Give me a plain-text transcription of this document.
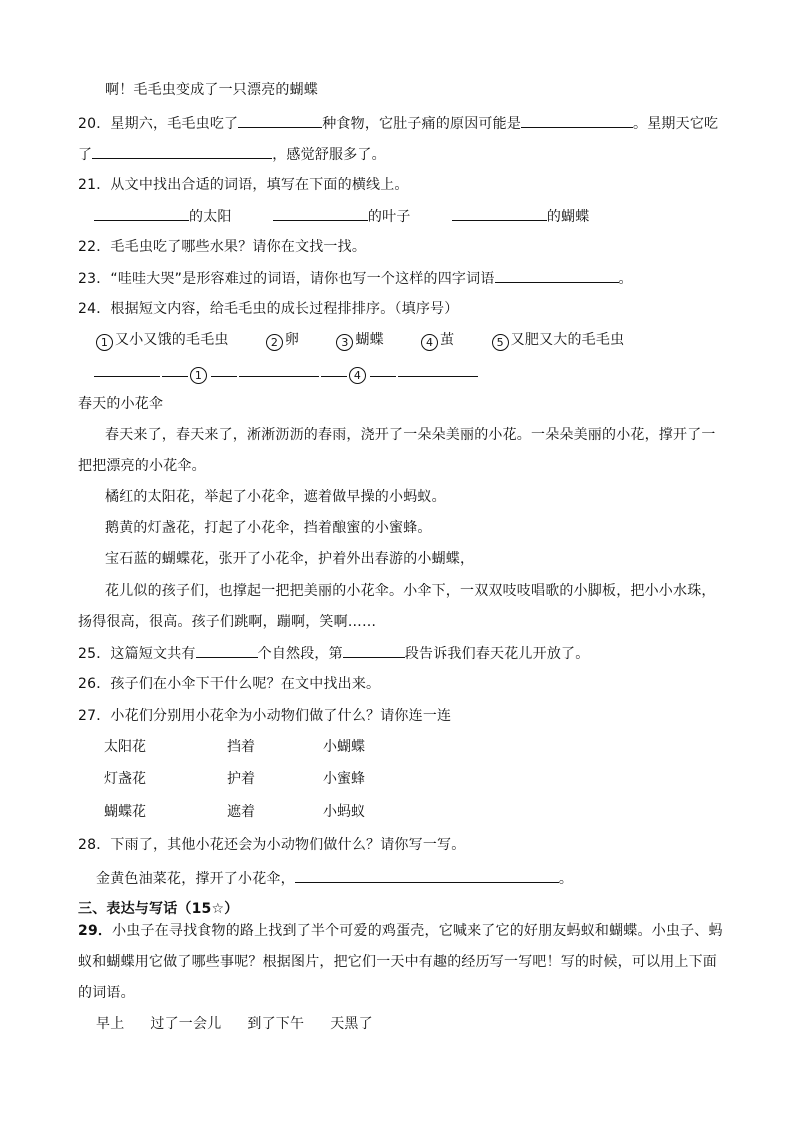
啊！毛毛虫变成了一只漂亮的蝴蝶
20．星期六，毛毛虫吃了	种食物，它肚子痛的原因可能是	。星期天它吃
了	，感觉舒服多了。
21．从文中找出合适的词语，填写在下面的横线上。
的太阳	的叶子	的蝴蝶
22．毛毛虫吃了哪些水果？请你在文找一找。
23．“哇哇大哭”是形容难过的词语，请你也写一个这样的四字词语	。
24．根据短文内容，给毛毛虫的成长过程排排序。（填序号）
1 又小又饿的毛毛虫	2 卵	3 蝴蝶	4 茧	5 又肥又大的毛毛虫
1	4
春天的小花伞
春天来了，春天来了，淅淅沥沥的春雨，浇开了一朵朵美丽的小花。一朵朵美丽的小花，撑开了一
把把漂亮的小花伞。
橘红的太阳花，举起了小花伞，遮着做早操的小蚂蚁。
鹅黄的灯盏花，打起了小花伞，挡着酿蜜的小蜜蜂。
宝石蓝的蝴蝶花，张开了小花伞，护着外出春游的小蝴蝶，
花儿似的孩子们，也撑起一把把美丽的小花伞。小伞下，一双双吱吱唱歌的小脚板，把小小水珠，
扬得很高，很高。孩子们跳啊，蹦啊，笑啊……
25．这篇短文共有	个自然段，第	段告诉我们春天花儿开放了。
26．孩子们在小伞下干什么呢？在文中找出来。
27．小花们分别用小花伞为小动物们做了什么？请你连一连
太阳花	挡着	小蝴蝶
灯盏花	护着	小蜜蜂
蝴蝶花	遮着	小蚂蚁
28．下雨了，其他小花还会为小动物们做什么？请你写一写。
金黄色油菜花，撑开了小花伞，	。
三、表达与写话（15☆）
29．小虫子在寻找食物的路上找到了半个可爱的鸡蛋壳，它喊来了它的好朋友蚂蚁和蝴蝶。小虫子、蚂
蚁和蝴蝶用它做了哪些事呢？根据图片，把它们一天中有趣的经历写一写吧！写的时候，可以用上下面
的词语。
早上 过了一会儿 到了下午 天黑了
